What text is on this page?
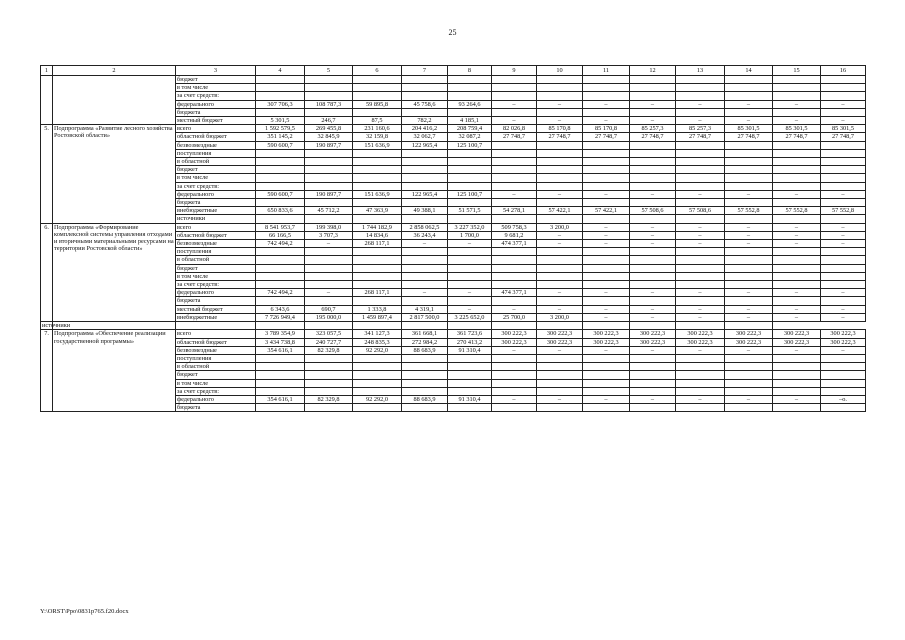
25
1	2	3	4	5	6	7	8	9	10	11	12	13	14	15	16
		бюджет													
		в том числе													
		за счет средств:													
		федерального	307 706,3	108 787,3	59 895,8	45 758,6	93 264,6	–	–	–	–	–	–	–	–
		бюджета													
		местный бюджет	5 301,5	246,7	87,5	782,2	4 185,1	–	–	–	–	–	–	–	–
5.	Подпрограмма «Развитие лесного хозяйства Ростовской области»	всего	1 592 579,5	269 455,8	231 160,6	204 416,2	208 759,4	82 026,8	85 170,8	85 170,8	85 257,3	85 257,3	85 301,5	85 301,5	85 301,5
		областной бюджет	351 145,2	32 845,9	32 159,8	32 062,7	32 087,2	27 748,7	27 748,7	27 748,7	27 748,7	27 748,7	27 748,7	27 748,7	27 748,7
		безвозмездные	590 600,7	190 897,7	151 636,9	122 965,4	125 100,7								
		поступления													
		в областной													
		бюджет													
		в том числе													
		за счет средств:													
		федерального	590 600,7	190 897,7	151 636,9	122 965,4	125 100,7	–	–	–	–	–	–	–	–
		бюджета													
		внебюджетные	650 833,6	45 712,2	47 363,9	49 388,1	51 571,5	54 278,1	57 422,1	57 422,1	57 508,6	57 508,6	57 552,8	57 552,8	57 552,8
		источники													
6.	Подпрограмма «Формирование комплексной системы управления отходами и вторичными материальными ресурсами на территории Ростовской области»	всего	8 541 953,7	199 398,0	1 744 182,9	2 858 062,5	3 227 352,0	509 758,3	3 200,0	–	–	–	–	–	–
		областной бюджет	66 166,5	3 707,3	14 834,6	36 243,4	1 700,0	9 681,2	–	–	–	–	–	–	–
		безвозмездные	742 494,2	–	268 117,1	–	–	474 377,1	–	–	–	–	–	–	–
		поступления													
		в областной													
		бюджет													
		в том числе													
		за счет средств:													
		федерального	742 494,2	–	268 117,1	–	–	474 377,1	–	–	–	–	–	–	–
		бюджета													
		местный бюджет	6 343,6	690,7	1 333,8	4 319,1	–	–	–	–	–	–	–	–	–
		внебюджетные	7 726 949,4	195 000,0	1 459 897,4	2 817 500,0	3 225 652,0	25 700,0	3 200,0	–	–	–	–	–	–
источники															
7.	Подпрограмма «Обеспечение реализации государственной программы»	всего	3 789 354,9	323 057,5	341 127,3	361 668,1	361 723,6	300 222,3	300 222,3	300 222,3	300 222,3	300 222,3	300 222,3	300 222,3	300 222,3
		областной бюджет	3 434 738,8	240 727,7	248 835,3	272 984,2	270 413,2	300 222,3	300 222,3	300 222,3	300 222,3	300 222,3	300 222,3	300 222,3	300 222,3
		безвозмездные	354 616,1	82 329,8	92 292,0	88 683,9	91 310,4	–	–	–	–	–	–	–	–
		поступления													
		в областной													
		бюджет													
		в том числе													
		за счет средств:													
		федерального	354 616,1	82 329,8	92 292,0	88 683,9	91 310,4	–	–	–	–	–	–	–	–о.
		бюджета													
Y:\ORST\Ppo\0831p765.f20.docx
